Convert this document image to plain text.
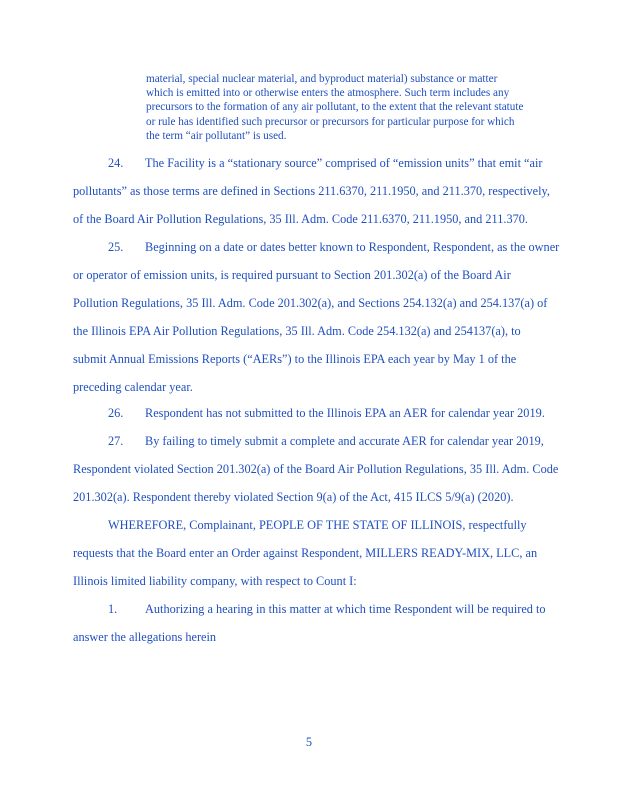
material, special nuclear material, and byproduct material) substance or matter
which is emitted into or otherwise enters the atmosphere. Such term includes any
precursors to the formation of any air pollutant, to the extent that the relevant statute
or rule has identified such precursor or precursors for particular purpose for which
the term “air pollutant” is used.
24. The Facility is a “stationary source” comprised of “emission units” that emit “air
pollutants” as those terms are defined in Sections 211.6370, 211.1950, and 211.370, respectively,
of the Board Air Pollution Regulations, 35 Ill. Adm. Code 211.6370, 211.1950, and 211.370.
25. Beginning on a date or dates better known to Respondent, Respondent, as the owner
or operator of emission units, is required pursuant to Section 201.302(a) of the Board Air
Pollution Regulations, 35 Ill. Adm. Code 201.302(a), and Sections 254.132(a) and 254.137(a) of
the Illinois EPA Air Pollution Regulations, 35 Ill. Adm. Code 254.132(a) and 254137(a), to
submit Annual Emissions Reports (“AERs”) to the Illinois EPA each year by May 1 of the
preceding calendar year.
26. Respondent has not submitted to the Illinois EPA an AER for calendar year 2019.
27. By failing to timely submit a complete and accurate AER for calendar year 2019,
Respondent violated Section 201.302(a) of the Board Air Pollution Regulations, 35 Ill. Adm. Code
201.302(a). Respondent thereby violated Section 9(a) of the Act, 415 ILCS 5/9(a) (2020).
WHEREFORE, Complainant, PEOPLE OF THE STATE OF ILLINOIS, respectfully
requests that the Board enter an Order against Respondent, MILLERS READY-MIX, LLC, an
Illinois limited liability company, with respect to Count I:
1. Authorizing a hearing in this matter at which time Respondent will be required to
answer the allegations herein
5
